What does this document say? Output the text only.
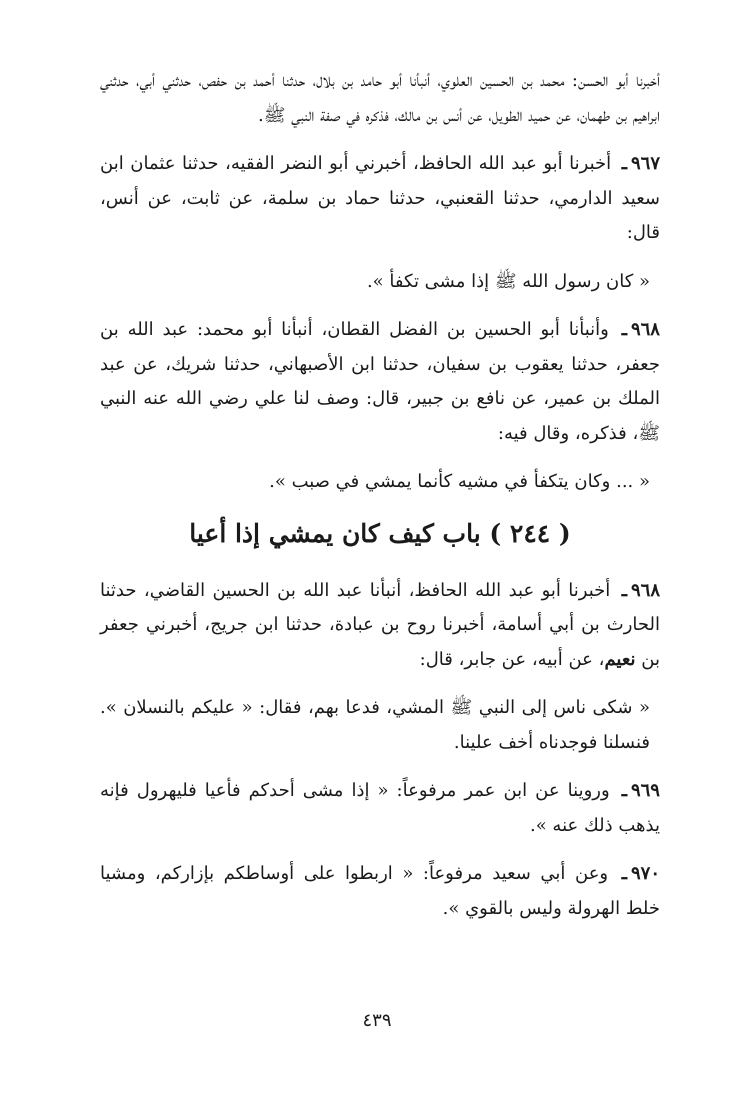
أخبرنا أبو الحسن: محمد بن الحسين العلوي، أنبأنا أبو حامد بن بلال، حدثنا أحمد بن حفص، حدثني أبي، حدثني ابراهيم بن طهمان، عن حميد الطويل، عن أنس بن مالك، فذكره في صفة النبي ﷺ.

٩٦٧ـ أخبرنا أبو عبد الله الحافظ، أخبرني أبو النضر الفقيه، حدثنا عثمان ابن سعيد الدارمي، حدثنا القعنبي، حدثنا حماد بن سلمة، عن ثابت، عن أنس، قال:

« كان رسول الله ﷺ إذا مشى تكفأ ».

٩٦٨ـ وأنبأنا أبو الحسين بن الفضل القطان، أنبأنا أبو محمد: عبد الله بن جعفر، حدثنا يعقوب بن سفيان، حدثنا ابن الأصبهاني، حدثنا شريك، عن عبد الملك بن عمير، عن نافع بن جبير، قال: وصف لنا علي رضي الله عنه النبي ﷺ، فذكره، وقال فيه:

« ... وكان يتكفأ في مشيه كأنما يمشي في صبب ».

( ٢٤٤ ) باب كيف كان يمشي إذا أعيا

٩٦٨ـ أخبرنا أبو عبد الله الحافظ، أنبأنا عبد الله بن الحسين القاضي، حدثنا الحارث بن أبي أسامة، أخبرنا روح بن عبادة، حدثنا ابن جريج، أخبرني جعفر بن نعيم، عن أبيه، عن جابر، قال:

« شكى ناس إلى النبي ﷺ المشي، فدعا بهم، فقال: « عليكم بالنسلان ». فنسلنا فوجدناه أخف علينا.

٩٦٩ـ وروينا عن ابن عمر مرفوعاً: « إذا مشى أحدكم فأعيا فليهرول فإنه يذهب ذلك عنه ».

٩٧٠ـ وعن أبي سعيد مرفوعاً: « اربطوا على أوساطكم بإزاركم، ومشيا خلط الهرولة وليس بالقوي ».

٤٣٩
